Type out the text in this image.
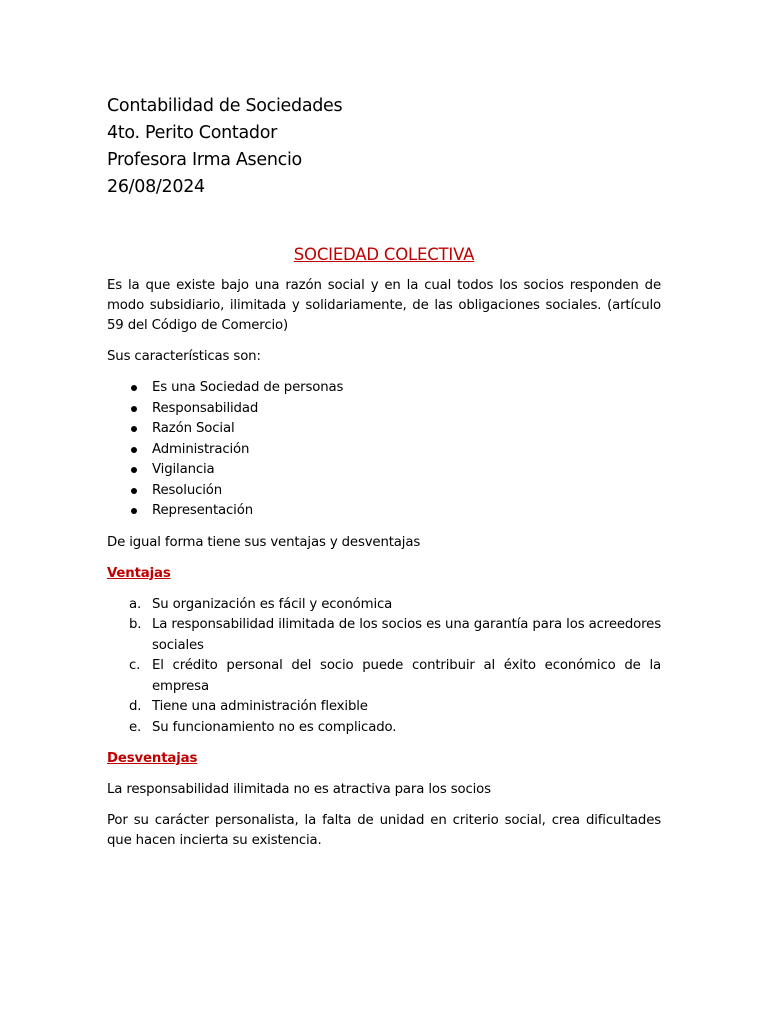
Contabilidad de Sociedades

4to. Perito Contador

Profesora Irma Asencio

26/08/2024

SOCIEDAD COLECTIVA

Es la que existe bajo una razón social y en la cual todos los socios responden de modo subsidiario, ilimitada y solidariamente, de las obligaciones sociales. (artículo 59 del Código de Comercio)

Sus características son:

Es una Sociedad de personas
Responsabilidad
Razón Social
Administración
Vigilancia
Resolución
Representación

De igual forma tiene sus ventajas y desventajas

Ventajas

a. Su organización es fácil y económica
b. La responsabilidad ilimitada de los socios es una garantía para los acreedores sociales
c. El crédito personal del socio puede contribuir al éxito económico de la empresa
d. Tiene una administración flexible
e. Su funcionamiento no es complicado.

Desventajas

La responsabilidad ilimitada no es atractiva para los socios

Por su carácter personalista, la falta de unidad en criterio social, crea dificultades que hacen incierta su existencia.
